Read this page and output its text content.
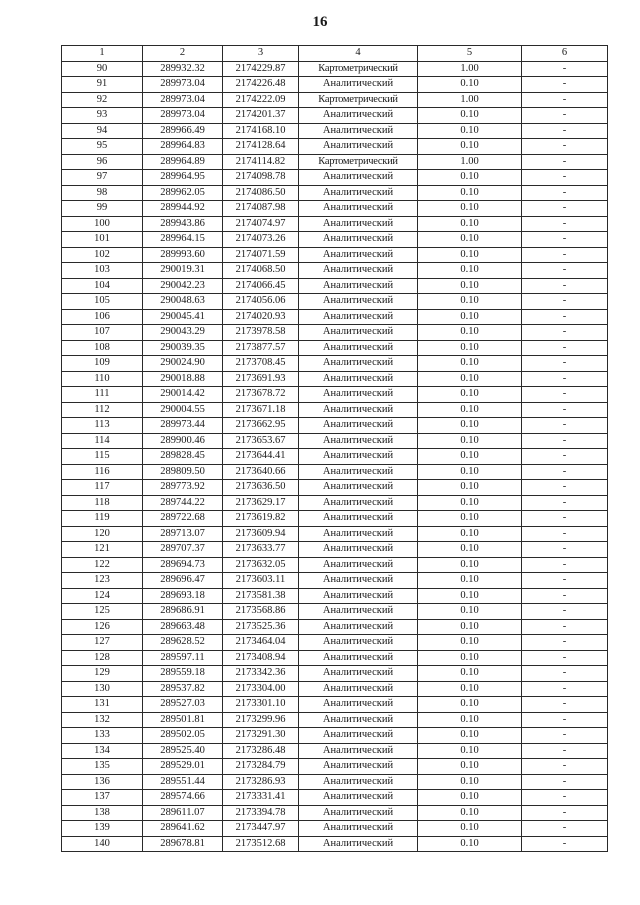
16
1	2	3	4	5	6
90	289932.32	2174229.87	Картометрический	1.00	-
91	289973.04	2174226.48	Аналитический	0.10	-
92	289973.04	2174222.09	Картометрический	1.00	-
93	289973.04	2174201.37	Аналитический	0.10	-
94	289966.49	2174168.10	Аналитический	0.10	-
95	289964.83	2174128.64	Аналитический	0.10	-
96	289964.89	2174114.82	Картометрический	1.00	-
97	289964.95	2174098.78	Аналитический	0.10	-
98	289962.05	2174086.50	Аналитический	0.10	-
99	289944.92	2174087.98	Аналитический	0.10	-
100	289943.86	2174074.97	Аналитический	0.10	-
101	289964.15	2174073.26	Аналитический	0.10	-
102	289993.60	2174071.59	Аналитический	0.10	-
103	290019.31	2174068.50	Аналитический	0.10	-
104	290042.23	2174066.45	Аналитический	0.10	-
105	290048.63	2174056.06	Аналитический	0.10	-
106	290045.41	2174020.93	Аналитический	0.10	-
107	290043.29	2173978.58	Аналитический	0.10	-
108	290039.35	2173877.57	Аналитический	0.10	-
109	290024.90	2173708.45	Аналитический	0.10	-
110	290018.88	2173691.93	Аналитический	0.10	-
111	290014.42	2173678.72	Аналитический	0.10	-
112	290004.55	2173671.18	Аналитический	0.10	-
113	289973.44	2173662.95	Аналитический	0.10	-
114	289900.46	2173653.67	Аналитический	0.10	-
115	289828.45	2173644.41	Аналитический	0.10	-
116	289809.50	2173640.66	Аналитический	0.10	-
117	289773.92	2173636.50	Аналитический	0.10	-
118	289744.22	2173629.17	Аналитический	0.10	-
119	289722.68	2173619.82	Аналитический	0.10	-
120	289713.07	2173609.94	Аналитический	0.10	-
121	289707.37	2173633.77	Аналитический	0.10	-
122	289694.73	2173632.05	Аналитический	0.10	-
123	289696.47	2173603.11	Аналитический	0.10	-
124	289693.18	2173581.38	Аналитический	0.10	-
125	289686.91	2173568.86	Аналитический	0.10	-
126	289663.48	2173525.36	Аналитический	0.10	-
127	289628.52	2173464.04	Аналитический	0.10	-
128	289597.11	2173408.94	Аналитический	0.10	-
129	289559.18	2173342.36	Аналитический	0.10	-
130	289537.82	2173304.00	Аналитический	0.10	-
131	289527.03	2173301.10	Аналитический	0.10	-
132	289501.81	2173299.96	Аналитический	0.10	-
133	289502.05	2173291.30	Аналитический	0.10	-
134	289525.40	2173286.48	Аналитический	0.10	-
135	289529.01	2173284.79	Аналитический	0.10	-
136	289551.44	2173286.93	Аналитический	0.10	-
137	289574.66	2173331.41	Аналитический	0.10	-
138	289611.07	2173394.78	Аналитический	0.10	-
139	289641.62	2173447.97	Аналитический	0.10	-
140	289678.81	2173512.68	Аналитический	0.10	-
